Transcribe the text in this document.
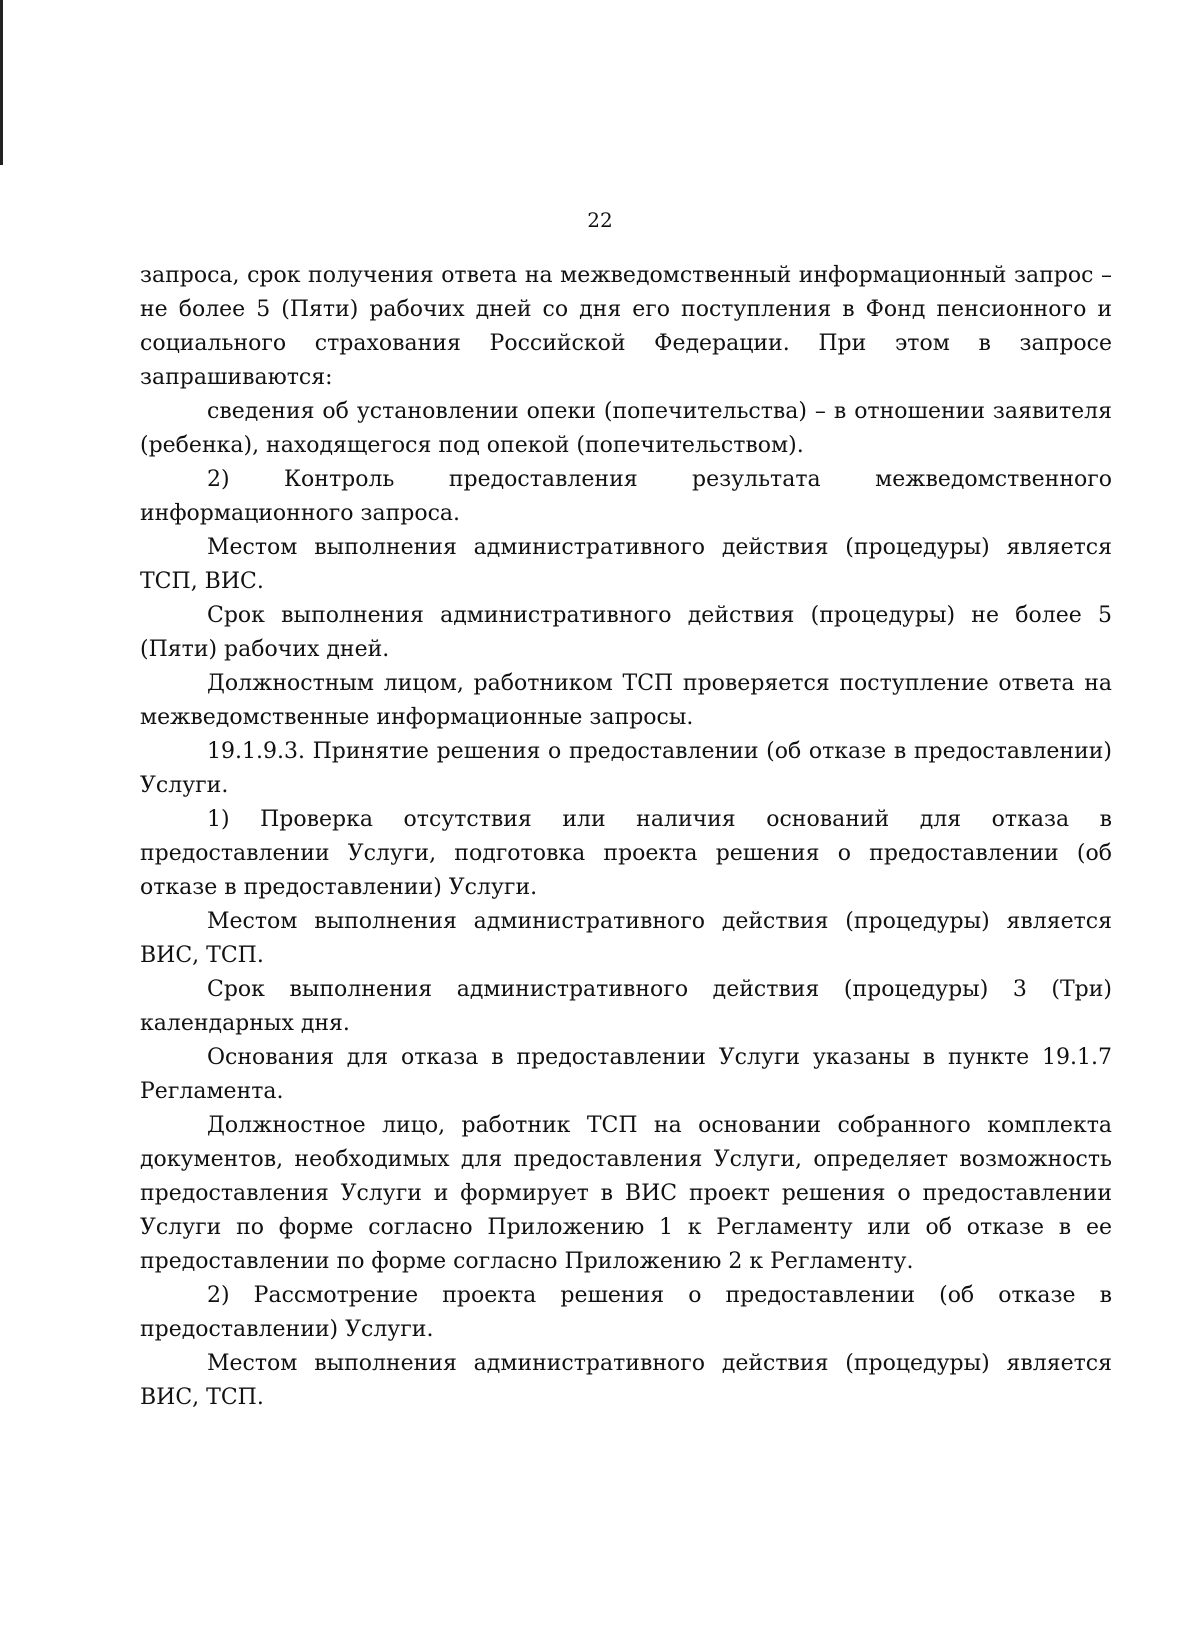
22

запроса, срок получения ответа на межведомственный информационный запрос – не более 5 (Пяти) рабочих дней со дня его поступления в Фонд пенсионного и социального страхования Российской Федерации. При этом в запросе запрашиваются:

сведения об установлении опеки (попечительства) – в отношении заявителя (ребенка), находящегося под опекой (попечительством).

2) Контроль предоставления результата межведомственного информационного запроса.

Местом выполнения административного действия (процедуры) является ТСП, ВИС.

Срок выполнения административного действия (процедуры) не более 5 (Пяти) рабочих дней.

Должностным лицом, работником ТСП проверяется поступление ответа на межведомственные информационные запросы.

19.1.9.3. Принятие решения о предоставлении (об отказе в предоставлении) Услуги.

1) Проверка отсутствия или наличия оснований для отказа в предоставлении Услуги, подготовка проекта решения о предоставлении (об отказе в предоставлении) Услуги.

Местом выполнения административного действия (процедуры) является ВИС, ТСП.

Срок выполнения административного действия (процедуры) 3 (Три) календарных дня.

Основания для отказа в предоставлении Услуги указаны в пункте 19.1.7 Регламента.

Должностное лицо, работник ТСП на основании собранного комплекта документов, необходимых для предоставления Услуги, определяет возможность предоставления Услуги и формирует в ВИС проект решения о предоставлении Услуги по форме согласно Приложению 1 к Регламенту или об отказе в ее предоставлении по форме согласно Приложению 2 к Регламенту.

2) Рассмотрение проекта решения о предоставлении (об отказе в предоставлении) Услуги.

Местом выполнения административного действия (процедуры) является ВИС, ТСП.
